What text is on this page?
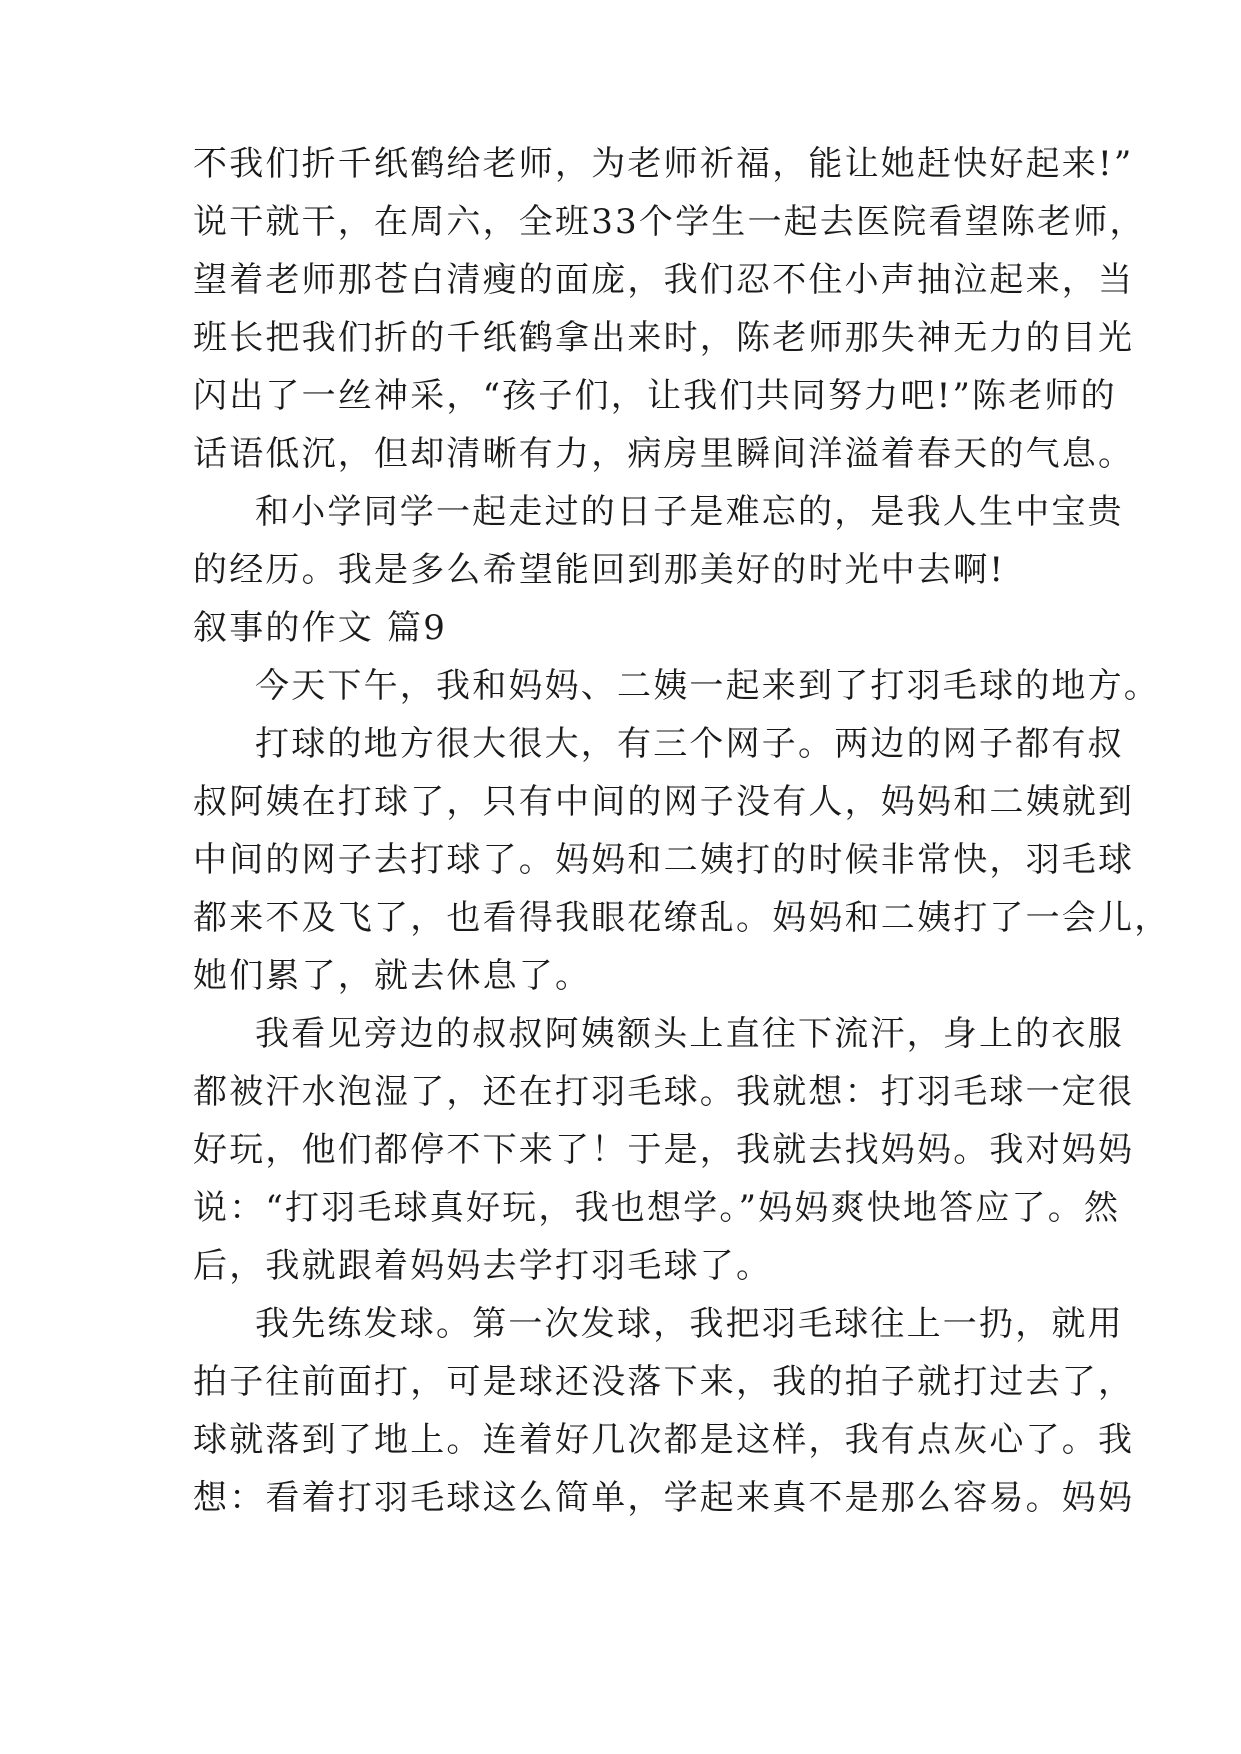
不我们折千纸鹤给老师，为老师祈福，能让她赶快好起来!”
说干就干，在周六，全班33个学生一起去医院看望陈老师，
望着老师那苍白清瘦的面庞，我们忍不住小声抽泣起来，当
班长把我们折的千纸鹤拿出来时，陈老师那失神无力的目光
闪出了一丝神采，“孩子们，让我们共同努力吧!”陈老师的
话语低沉，但却清晰有力，病房里瞬间洋溢着春天的气息。
和小学同学一起走过的日子是难忘的，是我人生中宝贵
的经历。我是多么希望能回到那美好的时光中去啊!
叙事的作文 篇9
今天下午，我和妈妈、二姨一起来到了打羽毛球的地方。
打球的地方很大很大，有三个网子。两边的网子都有叔
叔阿姨在打球了，只有中间的网子没有人，妈妈和二姨就到
中间的网子去打球了。妈妈和二姨打的时候非常快，羽毛球
都来不及飞了，也看得我眼花缭乱。妈妈和二姨打了一会儿，
她们累了，就去休息了。
我看见旁边的叔叔阿姨额头上直往下流汗，身上的衣服
都被汗水泡湿了，还在打羽毛球。我就想：打羽毛球一定很
好玩，他们都停不下来了！于是，我就去找妈妈。我对妈妈
说：“打羽毛球真好玩，我也想学。”妈妈爽快地答应了。然
后，我就跟着妈妈去学打羽毛球了。
我先练发球。第一次发球，我把羽毛球往上一扔，就用
拍子往前面打，可是球还没落下来，我的拍子就打过去了，
球就落到了地上。连着好几次都是这样，我有点灰心了。我
想：看着打羽毛球这么简单，学起来真不是那么容易。妈妈
